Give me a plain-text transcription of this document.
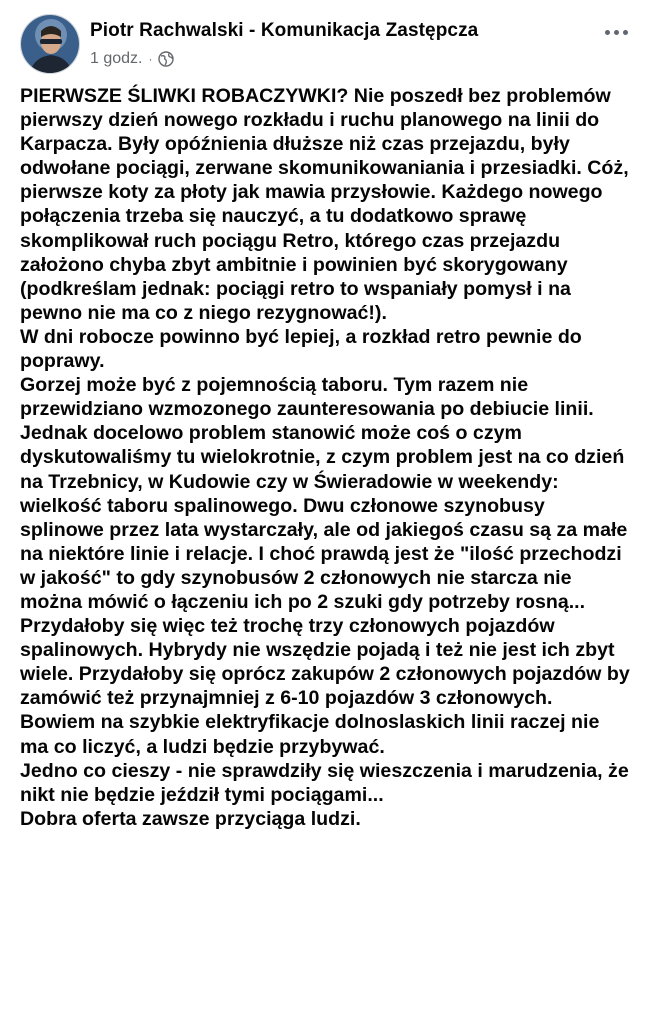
Piotr Rachwalski - Komunikacja Zastępcza
1 godz. ·

PIERWSZE ŚLIWKI ROBACZYWKI? Nie poszedł bez problemów pierwszy dzień nowego rozkładu i ruchu planowego na linii do Karpacza. Były opóźnienia dłuższe niż czas przejazdu, były odwołane pociągi, zerwane skomunikowaniania i przesiadki. Cóż, pierwsze koty za płoty jak mawia przysłowie. Każdego nowego połączenia trzeba się nauczyć, a tu dodatkowo sprawę skomplikował ruch pociągu Retro, którego czas przejazdu założono chyba zbyt ambitnie i powinien być skorygowany (podkreślam jednak: pociągi retro to wspaniały pomysł i na pewno nie ma co z niego rezygnować!).

W dni robocze powinno być lepiej, a rozkład retro pewnie do poprawy.

Gorzej może być z pojemnością taboru. Tym razem nie przewidziano wzmozonego zaunteresowania po debiucie linii. Jednak docelowo problem stanowić może coś o czym dyskutowaliśmy tu wielokrotnie, z czym problem jest na co dzień na Trzebnicy, w Kudowie czy w Świeradowie w weekendy: wielkość taboru spalinowego. Dwu członowe szynobusy splinowe przez lata wystarczały, ale od jakiegoś czasu są za małe na niektóre linie i relacje. I choć prawdą jest że "ilość przechodzi w jakość" to gdy szynobusów 2 członowych nie starcza nie można mówić o łączeniu ich po 2 szuki gdy potrzeby rosną... Przydałoby się więc też trochę trzy członowych pojazdów spalinowych. Hybrydy nie wszędzie pojadą i też nie jest ich zbyt wiele. Przydałoby się oprócz zakupów 2 członowych pojazdów by zamówić też przynajmniej z 6-10 pojazdów 3 członowych. Bowiem na szybkie elektryfikacje dolnoslaskich linii raczej nie ma co liczyć, a ludzi będzie przybywać.

Jedno co cieszy - nie sprawdziły się wieszczenia i marudzenia, że nikt nie będzie jeździł tymi pociągami...

Dobra oferta zawsze przyciąga ludzi.
